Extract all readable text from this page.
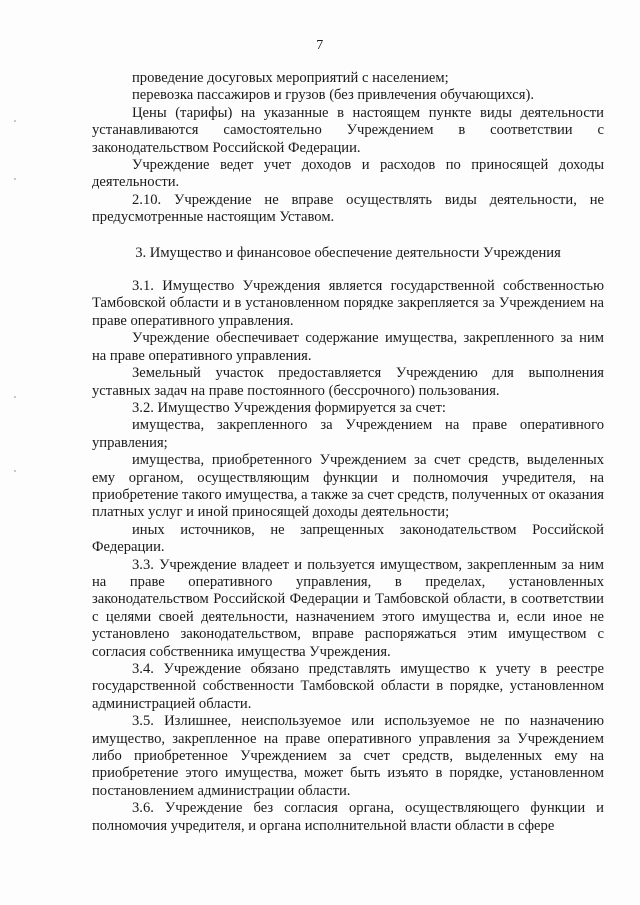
7

проведение досуговых мероприятий с населением;

перевозка пассажиров и грузов (без привлечения обучающихся).

Цены (тарифы) на указанные в настоящем пункте виды деятельности устанавливаются самостоятельно Учреждением в соответствии с законодательством Российской Федерации.

Учреждение ведет учет доходов и расходов по приносящей доходы деятельности.

2.10. Учреждение не вправе осуществлять виды деятельности, не предусмотренные настоящим Уставом.

3. Имущество и финансовое обеспечение деятельности Учреждения

3.1. Имущество Учреждения является государственной собственностью Тамбовской области и в установленном порядке закрепляется за Учреждением на праве оперативного управления.

Учреждение обеспечивает содержание имущества, закрепленного за ним на праве оперативного управления.

Земельный участок предоставляется Учреждению для выполнения уставных задач на праве постоянного (бессрочного) пользования.

3.2. Имущество Учреждения формируется за счет:

имущества, закрепленного за Учреждением на праве оперативного управления;

имущества, приобретенного Учреждением за счет средств, выделенных ему органом, осуществляющим функции и полномочия учредителя, на приобретение такого имущества, а также за счет средств, полученных от оказания платных услуг и иной приносящей доходы деятельности;

иных источников, не запрещенных законодательством Российской Федерации.

3.3. Учреждение владеет и пользуется имуществом, закрепленным за ним на праве оперативного управления, в пределах, установленных законодательством Российской Федерации и Тамбовской области, в соответствии с целями своей деятельности, назначением этого имущества и, если иное не установлено законодательством, вправе распоряжаться этим имуществом с согласия собственника имущества Учреждения.

3.4. Учреждение обязано представлять имущество к учету в реестре государственной собственности Тамбовской области в порядке, установленном администрацией области.

3.5. Излишнее, неиспользуемое или используемое не по назначению имущество, закрепленное на праве оперативного управления за Учреждением либо приобретенное Учреждением за счет средств, выделенных ему на приобретение этого имущества, может быть изъято в порядке, установленном постановлением администрации области.

3.6. Учреждение без согласия органа, осуществляющего функции и полномочия учредителя, и органа исполнительной власти области в сфере
